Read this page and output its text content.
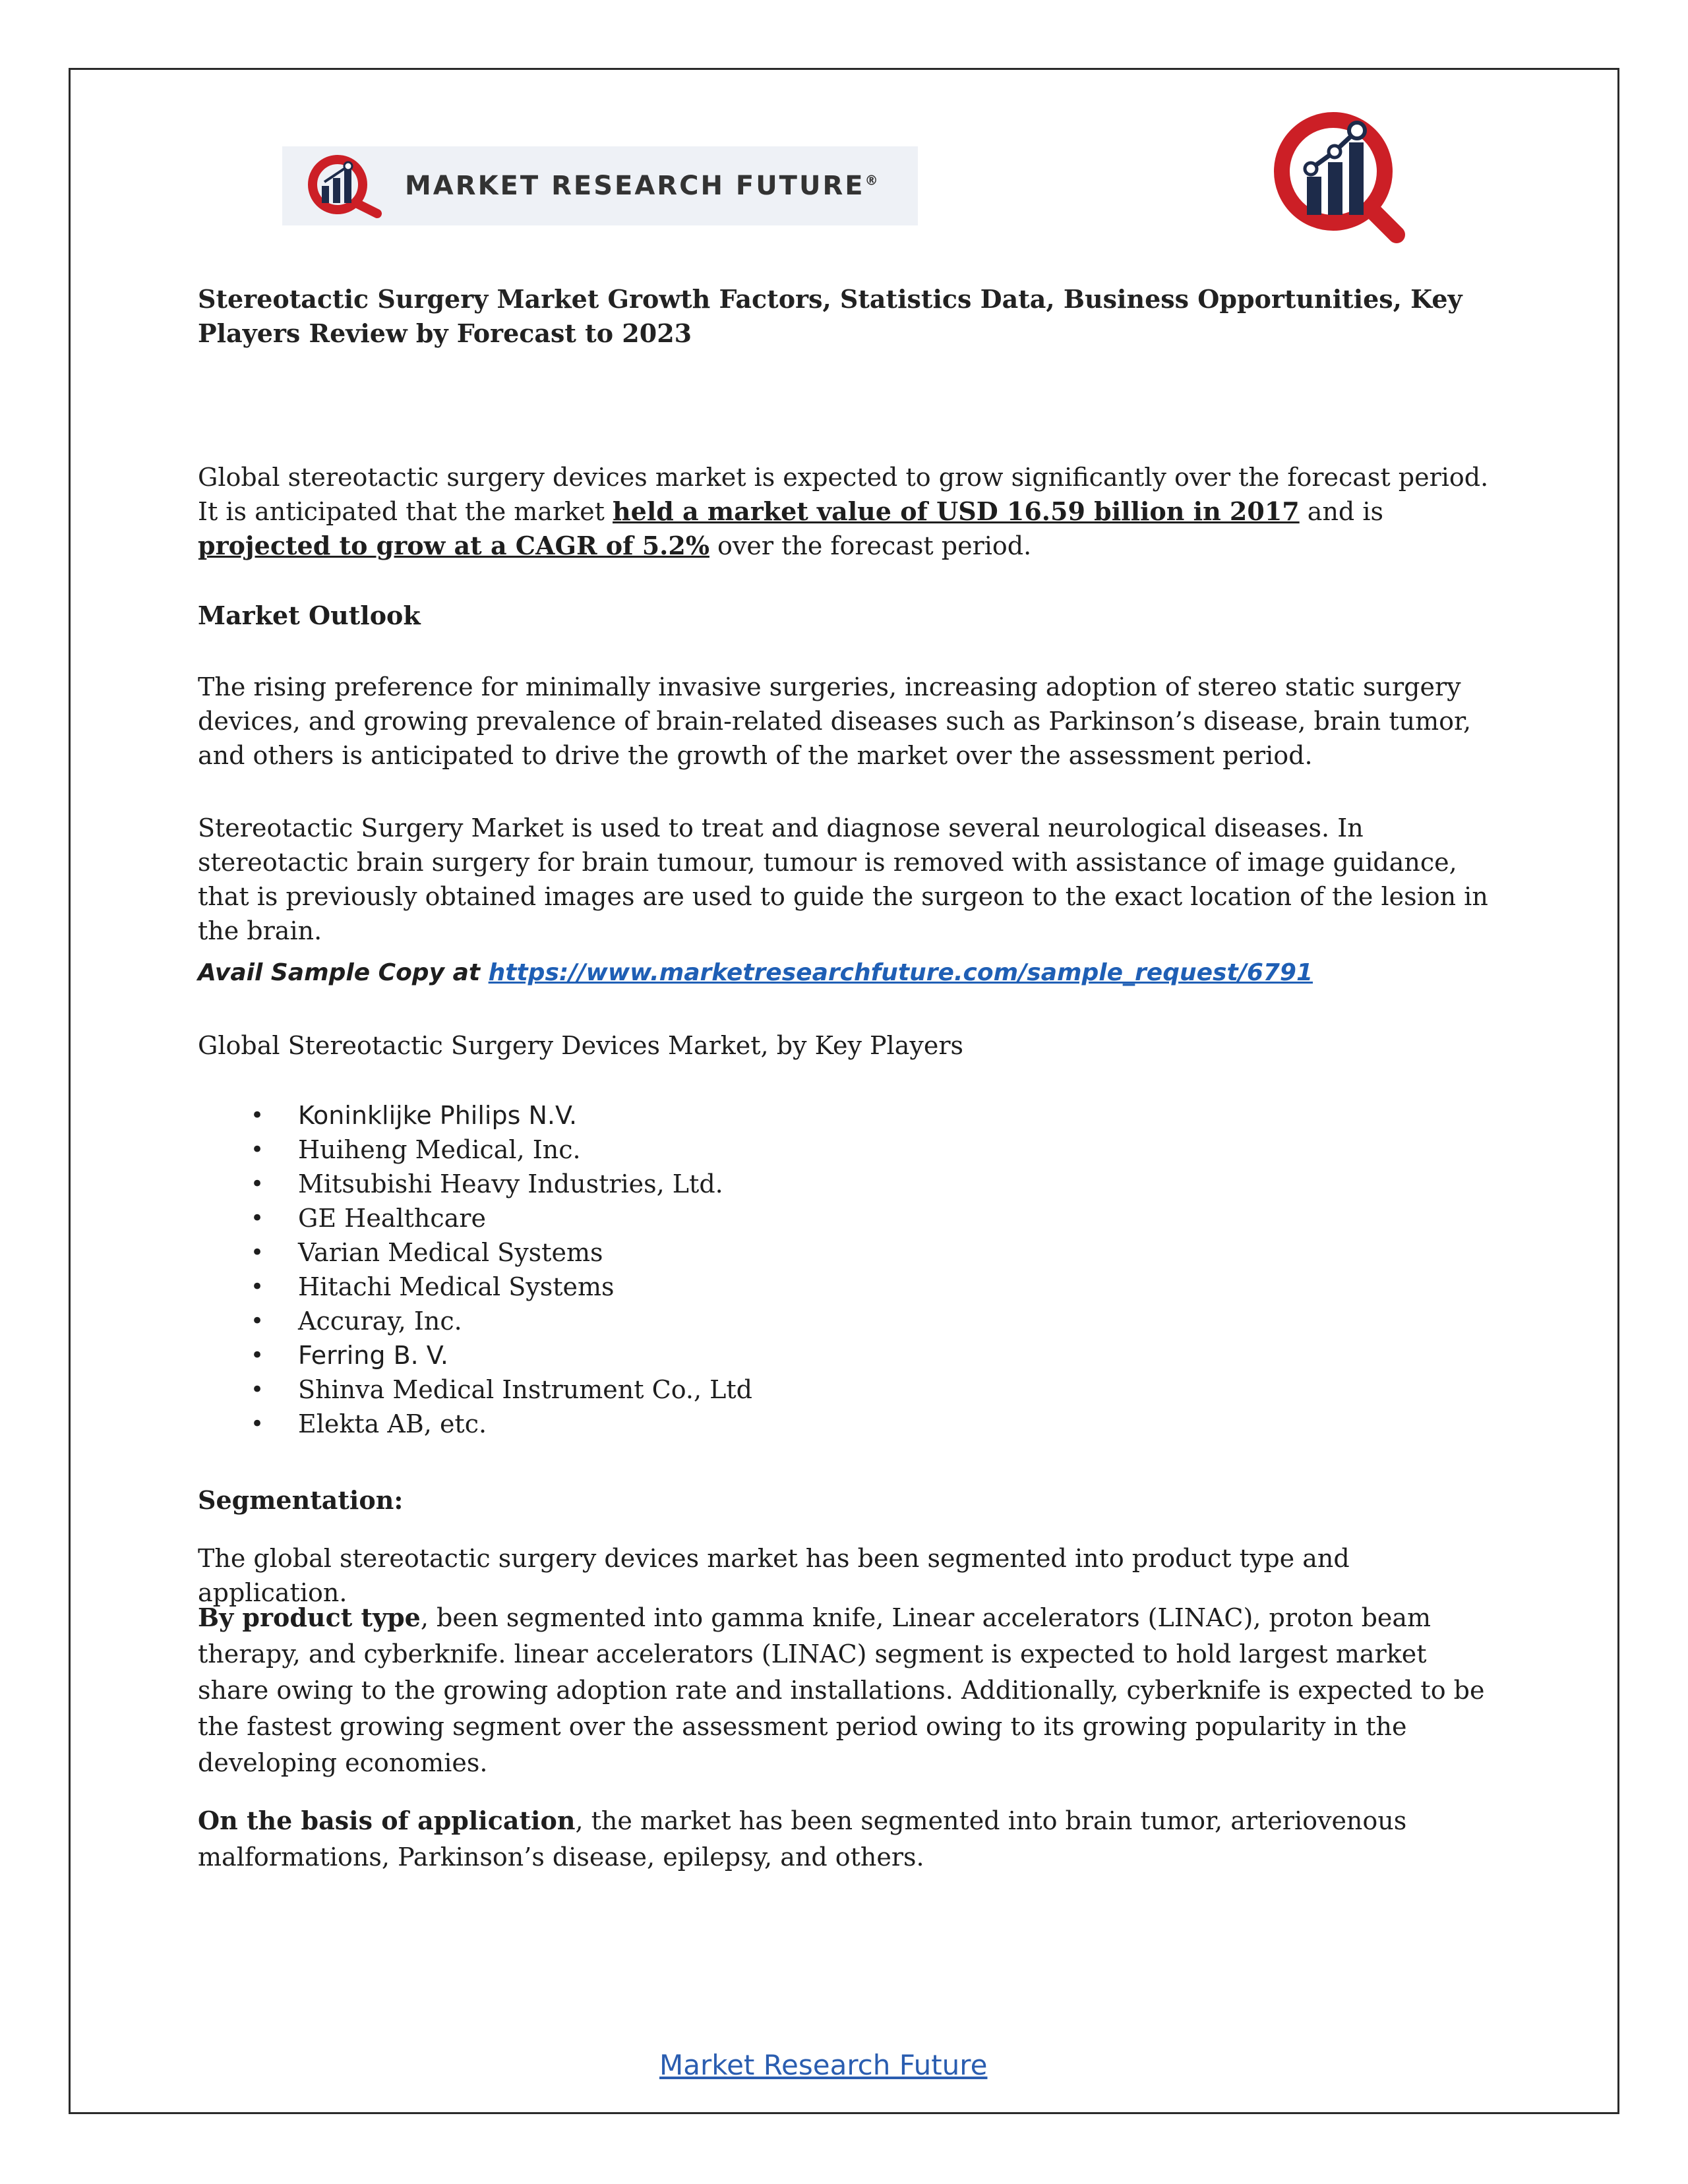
MARKET RESEARCH FUTURE®
Stereotactic Surgery Market Growth Factors, Statistics Data, Business Opportunities, Key Players Review by Forecast to 2023

Global stereotactic surgery devices market is expected to grow significantly over the forecast period. It is anticipated that the market held a market value of USD 16.59 billion in 2017 and is projected to grow at a CAGR of 5.2% over the forecast period.

Market Outlook

The rising preference for minimally invasive surgeries, increasing adoption of stereo static surgery devices, and growing prevalence of brain-related diseases such as Parkinson’s disease, brain tumor, and others is anticipated to drive the growth of the market over the assessment period.

Stereotactic Surgery Market is used to treat and diagnose several neurological diseases. In stereotactic brain surgery for brain tumour, tumour is removed with assistance of image guidance, that is previously obtained images are used to guide the surgeon to the exact location of the lesion in the brain.

Avail Sample Copy at https://www.marketresearchfuture.com/sample_request/6791

Global Stereotactic Surgery Devices Market, by Key Players

• Koninklijke Philips N.V.
• Huiheng Medical, Inc.
• Mitsubishi Heavy Industries, Ltd.
• GE Healthcare
• Varian Medical Systems
• Hitachi Medical Systems
• Accuray, Inc.
• Ferring B. V.
• Shinva Medical Instrument Co., Ltd
• Elekta AB, etc.
Segmentation:

The global stereotactic surgery devices market has been segmented into product type and application.

By product type, been segmented into gamma knife, Linear accelerators (LINAC), proton beam therapy, and cyberknife. linear accelerators (LINAC) segment is expected to hold largest market share owing to the growing adoption rate and installations. Additionally, cyberknife is expected to be the fastest growing segment over the assessment period owing to its growing popularity in the developing economies.

On the basis of application, the market has been segmented into brain tumor, arteriovenous malformations, Parkinson’s disease, epilepsy, and others.

Market Research Future
